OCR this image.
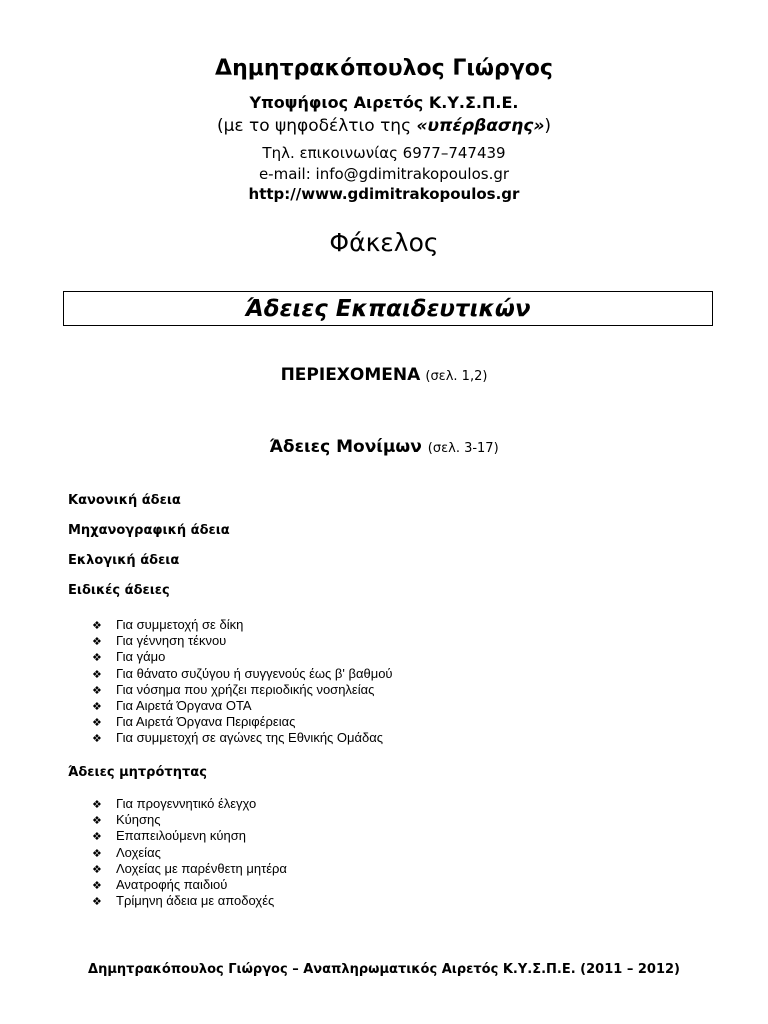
Δημητρακόπουλος Γιώργος
Υποψήφιος Αιρετός Κ.Υ.Σ.Π.Ε.
(με το ψηφοδέλτιο της «υπέρβασης»)
Τηλ. επικοινωνίας 6977–747439
e-mail: info@gdimitrakopoulos.gr
http://www.gdimitrakopoulos.gr
Φάκελος
Άδειες Εκπαιδευτικών
ΠΕΡΙΕΧΟΜΕΝΑ (σελ. 1,2)
Άδειες Μονίμων (σελ. 3-17)
Κανονική άδεια
Μηχανογραφική άδεια
Εκλογική άδεια
Ειδικές άδειες
❖ Για συμμετοχή σε δίκη
❖ Για γέννηση τέκνου
❖ Για γάμο
❖ Για θάνατο συζύγου ή συγγενούς έως β' βαθμού
❖ Για νόσημα που χρήζει περιοδικής νοσηλείας
❖ Για Αιρετά Όργανα ΟΤΑ
❖ Για Αιρετά Όργανα Περιφέρειας
❖ Για συμμετοχή σε αγώνες της Εθνικής Ομάδας
Άδειες μητρότητας
❖ Για προγεννητικό έλεγχο
❖ Κύησης
❖ Επαπειλούμενη κύηση
❖ Λοχείας
❖ Λοχείας με παρένθετη μητέρα
❖ Ανατροφής παιδιού
❖ Τρίμηνη άδεια με αποδοχές
Δημητρακόπουλος Γιώργος – Αναπληρωματικός Αιρετός Κ.Υ.Σ.Π.Ε. (2011 – 2012)
